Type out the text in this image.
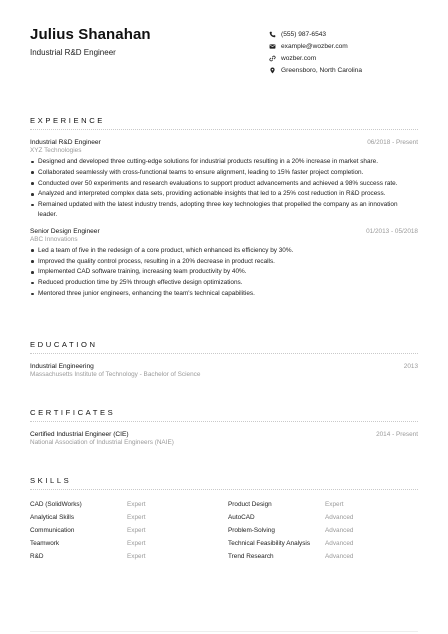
Julius Shanahan
Industrial R&D Engineer
(555) 987-6543
example@wozber.com
wozber.com
Greensboro, North Carolina
EXPERIENCE
Industrial R&D Engineer	06/2018 - Present
XYZ Technologies
Designed and developed three cutting-edge solutions for industrial products resulting in a 20% increase in market share.
Collaborated seamlessly with cross-functional teams to ensure alignment, leading to 15% faster project completion.
Conducted over 50 experiments and research evaluations to support product advancements and achieved a 98% success rate.
Analyzed and interpreted complex data sets, providing actionable insights that led to a 25% cost reduction in R&D process.
Remained updated with the latest industry trends, adopting three key technologies that propelled the company as an innovation leader.
Senior Design Engineer	01/2013 - 05/2018
ABC Innovations
Led a team of five in the redesign of a core product, which enhanced its efficiency by 30%.
Improved the quality control process, resulting in a 20% decrease in product recalls.
Implemented CAD software training, increasing team productivity by 40%.
Reduced production time by 25% through effective design optimizations.
Mentored three junior engineers, enhancing the team's technical capabilities.
EDUCATION
Industrial Engineering	2013
Massachusetts Institute of Technology - Bachelor of Science
CERTIFICATES
Certified Industrial Engineer (CIE)	2014 - Present
National Association of Industrial Engineers (NAIE)
SKILLS
CAD (SolidWorks)	Expert	Product Design	Expert
Analytical Skills	Expert	AutoCAD	Advanced
Communication	Expert	Problem-Solving	Advanced
Teamwork	Expert	Technical Feasibility Analysis	Advanced
R&D	Expert	Trend Research	Advanced
